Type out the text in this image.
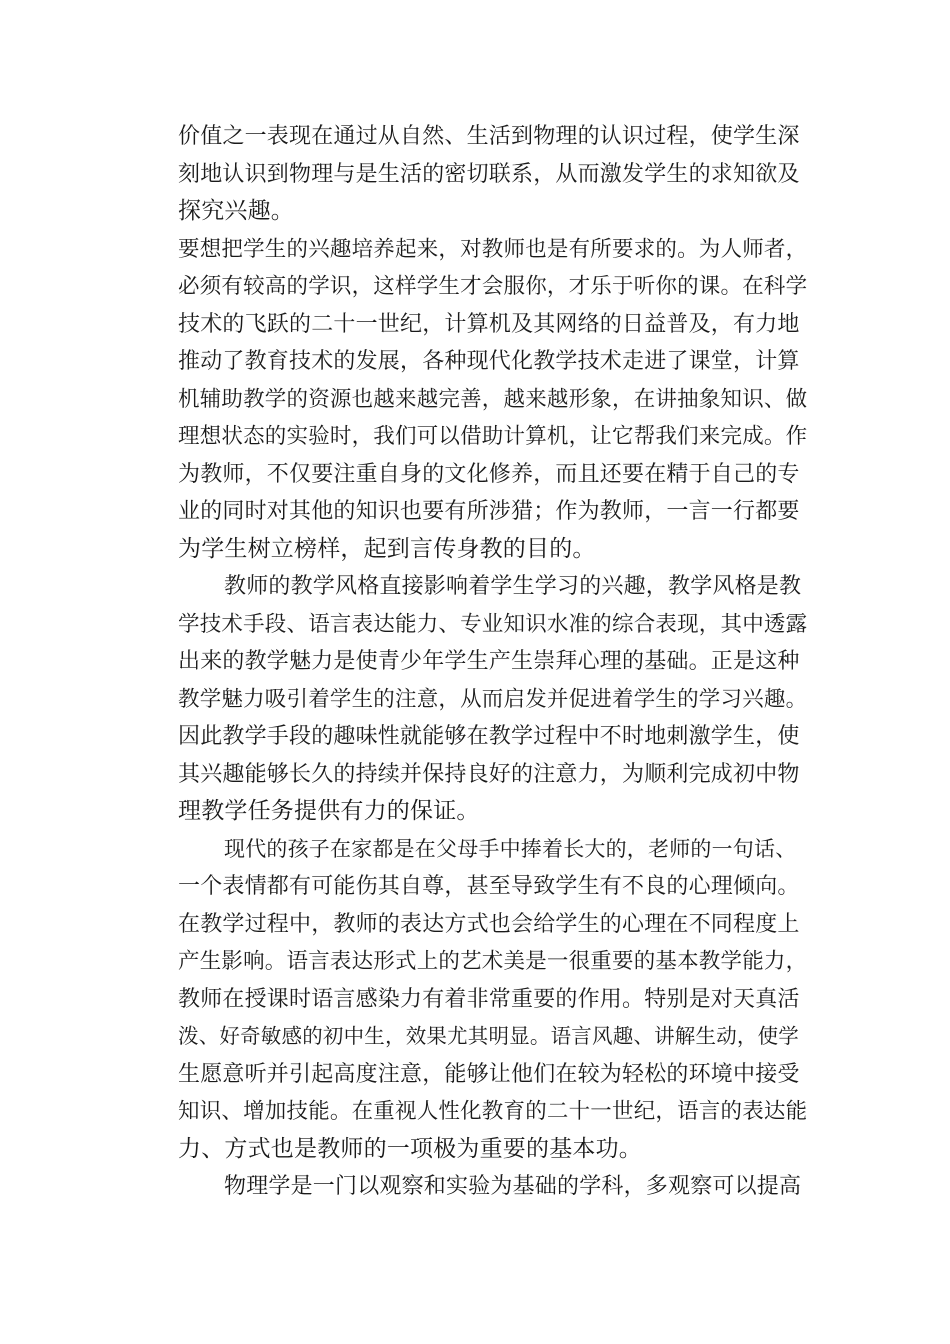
价值之一表现在通过从自然、生活到物理的认识过程，使学生深
刻地认识到物理与是生活的密切联系，从而激发学生的求知欲及
探究兴趣。
要想把学生的兴趣培养起来，对教师也是有所要求的。为人师者，
必须有较高的学识，这样学生才会服你，才乐于听你的课。在科学
技术的飞跃的二十一世纪，计算机及其网络的日益普及，有力地
推动了教育技术的发展，各种现代化教学技术走进了课堂，计算
机辅助教学的资源也越来越完善，越来越形象，在讲抽象知识、做
理想状态的实验时，我们可以借助计算机，让它帮我们来完成。作
为教师，不仅要注重自身的文化修养，而且还要在精于自己的专
业的同时对其他的知识也要有所涉猎；作为教师，一言一行都要
为学生树立榜样，起到言传身教的目的。
教师的教学风格直接影响着学生学习的兴趣，教学风格是教
学技术手段、语言表达能力、专业知识水准的综合表现，其中透露
出来的教学魅力是使青少年学生产生崇拜心理的基础。正是这种
教学魅力吸引着学生的注意，从而启发并促进着学生的学习兴趣。
因此教学手段的趣味性就能够在教学过程中不时地刺激学生，使
其兴趣能够长久的持续并保持良好的注意力，为顺利完成初中物
理教学任务提供有力的保证。
现代的孩子在家都是在父母手中捧着长大的，老师的一句话、
一个表情都有可能伤其自尊，甚至导致学生有不良的心理倾向。
在教学过程中，教师的表达方式也会给学生的心理在不同程度上
产生影响。语言表达形式上的艺术美是一很重要的基本教学能力，
教师在授课时语言感染力有着非常重要的作用。特别是对天真活
泼、好奇敏感的初中生，效果尤其明显。语言风趣、讲解生动，使学
生愿意听并引起高度注意，能够让他们在较为轻松的环境中接受
知识、增加技能。在重视人性化教育的二十一世纪，语言的表达能
力、方式也是教师的一项极为重要的基本功。
物理学是一门以观察和实验为基础的学科，多观察可以提高
